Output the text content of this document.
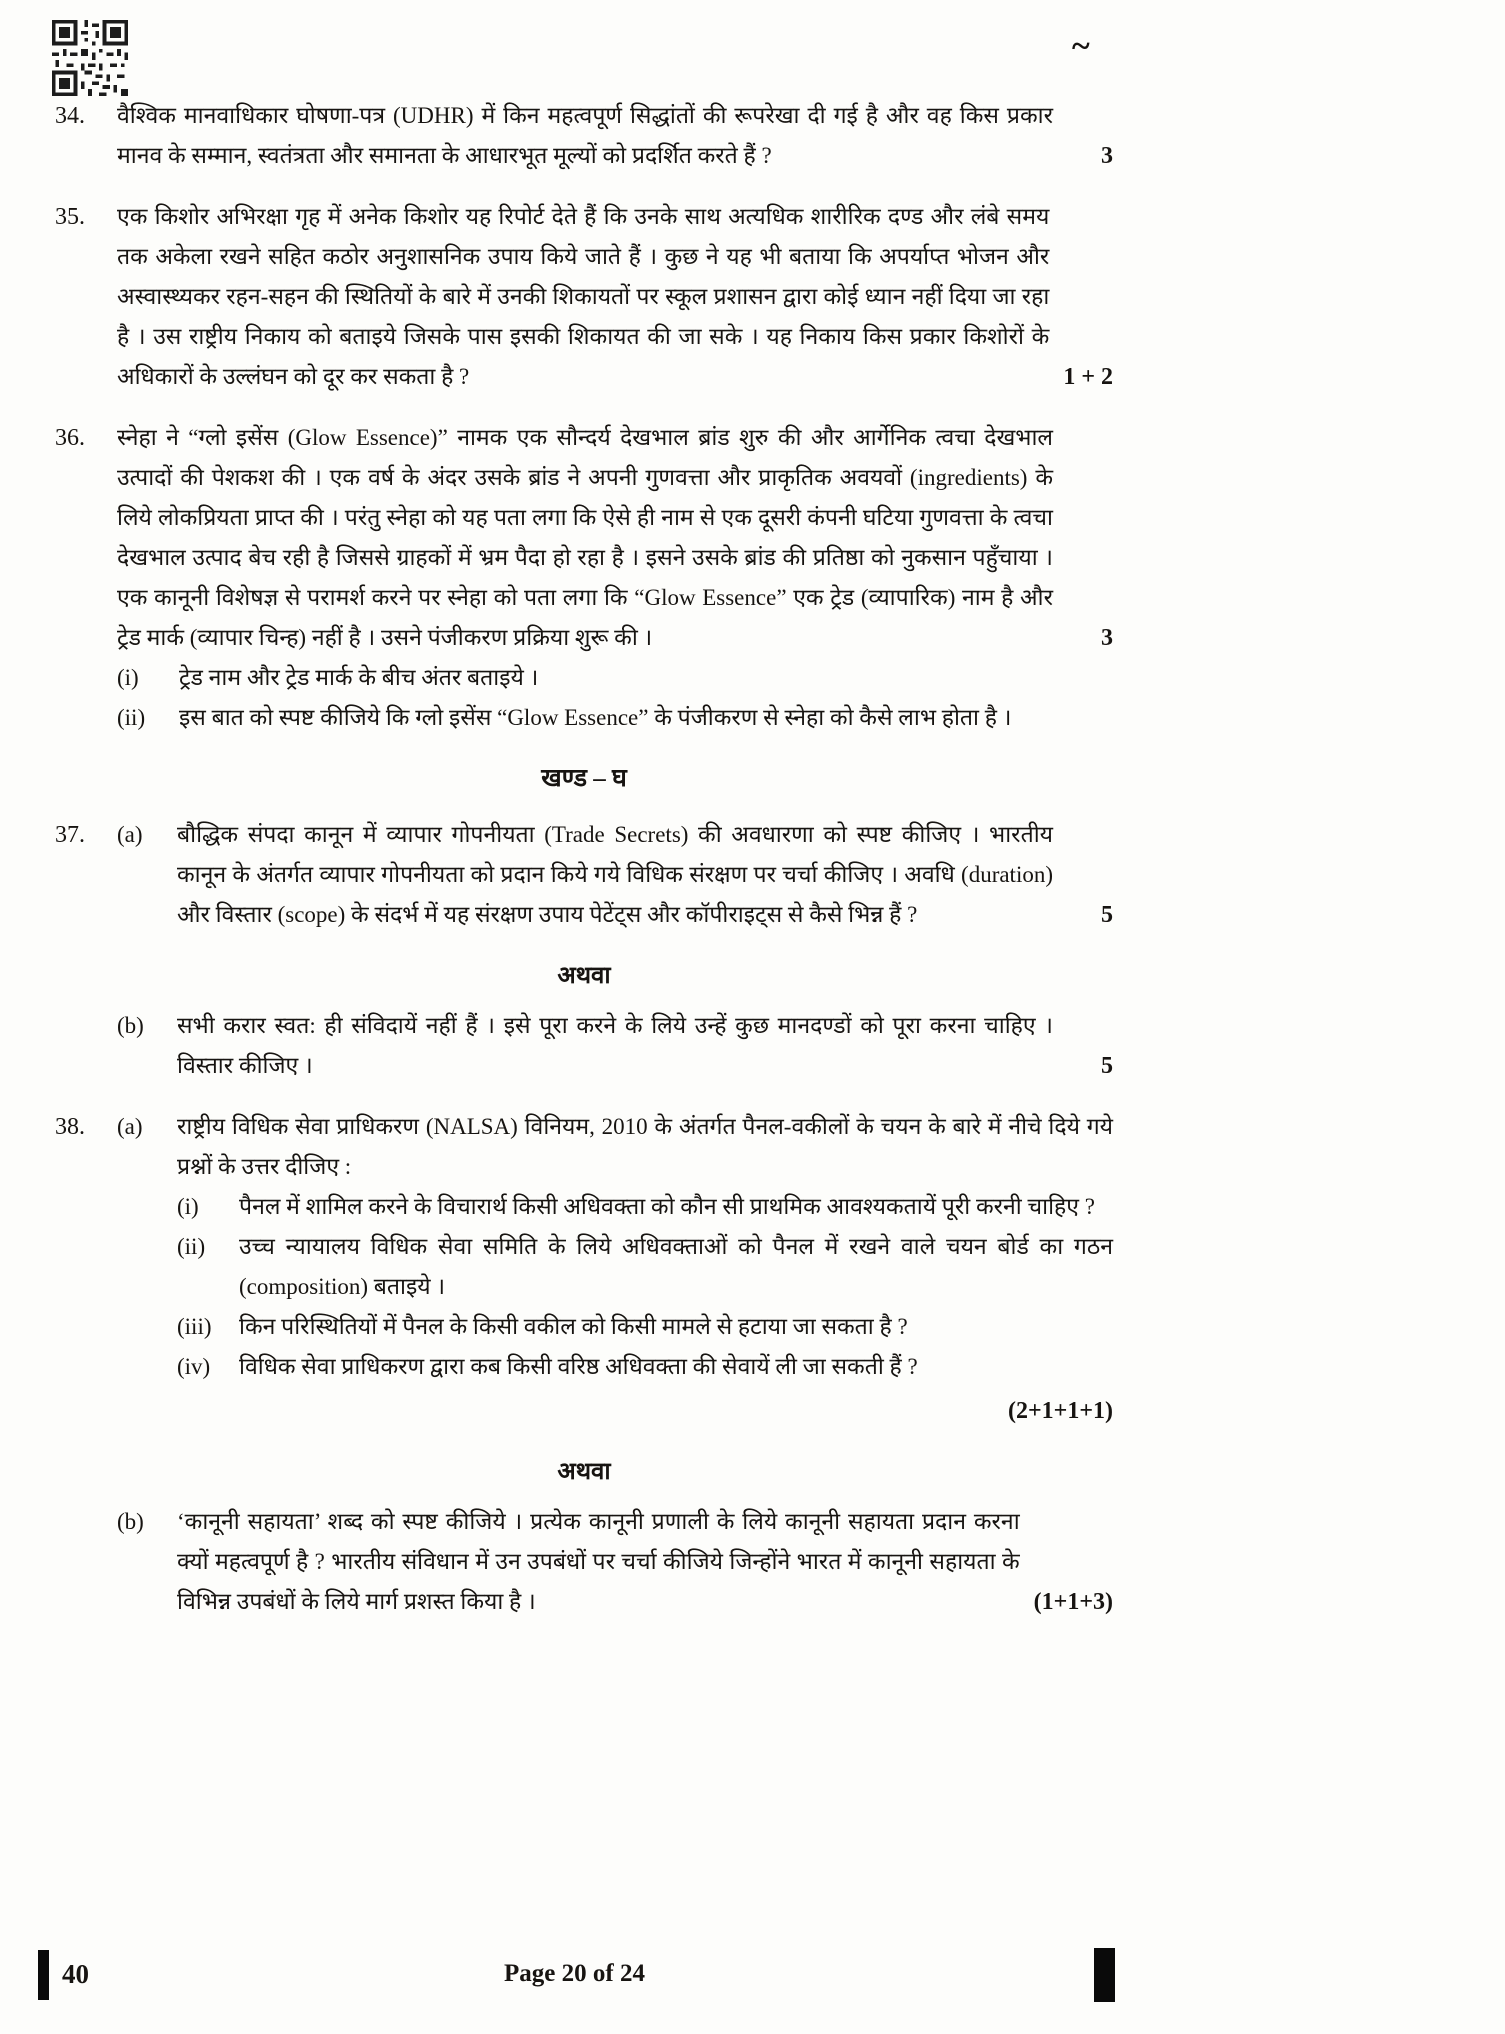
~
34.	वैश्विक मानवाधिकार घोषणा-पत्र (UDHR) में किन महत्वपूर्ण सिद्धांतों की रूपरेखा दी गई है और वह किस प्रकार मानव के सम्मान, स्वतंत्रता और समानता के आधारभूत मूल्यों को प्रदर्शित करते हैं ?	3
35.	एक किशोर अभिरक्षा गृह में अनेक किशोर यह रिपोर्ट देते हैं कि उनके साथ अत्यधिक शारीरिक दण्ड और लंबे समय तक अकेला रखने सहित कठोर अनुशासनिक उपाय किये जाते हैं । कुछ ने यह भी बताया कि अपर्याप्त भोजन और अस्वास्थ्यकर रहन-सहन की स्थितियों के बारे में उनकी शिकायतों पर स्कूल प्रशासन द्वारा कोई ध्यान नहीं दिया जा रहा है । उस राष्ट्रीय निकाय को बताइये जिसके पास इसकी शिकायत की जा सके । यह निकाय किस प्रकार किशोरों के अधिकारों के उल्लंघन को दूर कर सकता है ?	1 + 2
36.	स्नेहा ने “ग्लो इसेंस (Glow Essence)” नामक एक सौन्दर्य देखभाल ब्रांड शुरु की और आर्गेनिक त्वचा देखभाल उत्पादों की पेशकश की । एक वर्ष के अंदर उसके ब्रांड ने अपनी गुणवत्ता और प्राकृतिक अवयवों (ingredients) के लिये लोकप्रियता प्राप्त की । परंतु स्नेहा को यह पता लगा कि ऐसे ही नाम से एक दूसरी कंपनी घटिया गुणवत्ता के त्वचा देखभाल उत्पाद बेच रही है जिससे ग्राहकों में भ्रम पैदा हो रहा है । इसने उसके ब्रांड की प्रतिष्ठा को नुकसान पहुँचाया । एक कानूनी विशेषज्ञ से परामर्श करने पर स्नेहा को पता लगा कि “Glow Essence” एक ट्रेड (व्यापारिक) नाम है और ट्रेड मार्क (व्यापार चिन्ह) नहीं है । उसने पंजीकरण प्रक्रिया शुरू की ।	3
(i)	ट्रेड नाम और ट्रेड मार्क के बीच अंतर बताइये ।

(ii)	इस बात को स्पष्ट कीजिये कि ग्लो इसेंस “Glow Essence” के पंजीकरण से स्नेहा को कैसे लाभ होता है ।

खण्ड – घ
37.	(a)	बौद्धिक संपदा कानून में व्यापार गोपनीयता (Trade Secrets) की अवधारणा को स्पष्ट कीजिए । भारतीय कानून के अंतर्गत व्यापार गोपनीयता को प्रदान किये गये विधिक संरक्षण पर चर्चा कीजिए । अवधि (duration) और विस्तार (scope) के संदर्भ में यह संरक्षण उपाय पेटेंट्स और कॉपीराइट्स से कैसे भिन्न हैं ?	5
अथवा
(b)	सभी करार स्वत: ही संविदायें नहीं हैं । इसे पूरा करने के लिये उन्हें कुछ मानदण्डों को पूरा करना चाहिए । विस्तार कीजिए ।	5
38.	(a)	राष्ट्रीय विधिक सेवा प्राधिकरण (NALSA) विनियम, 2010 के अंतर्गत पैनल-वकीलों के चयन के बारे में नीचे दिये गये प्रश्नों के उत्तर दीजिए :

(i)	पैनल में शामिल करने के विचारार्थ किसी अधिवक्ता को कौन सी प्राथमिक आवश्यकतायें पूरी करनी चाहिए ?

(ii)	उच्च न्यायालय विधिक सेवा समिति के लिये अधिवक्ताओं को पैनल में रखने वाले चयन बोर्ड का गठन (composition) बताइये ।

(iii)	किन परिस्थितियों में पैनल के किसी वकील को किसी मामले से हटाया जा सकता है ?

(iv)	विधिक सेवा प्राधिकरण द्वारा कब किसी वरिष्ठ अधिवक्ता की सेवायें ली जा सकती हैं ?

(2+1+1+1)
अथवा
(b)	‘कानूनी सहायता’ शब्द को स्पष्ट कीजिये । प्रत्येक कानूनी प्रणाली के लिये कानूनी सहायता प्रदान करना क्यों महत्वपूर्ण है ? भारतीय संविधान में उन उपबंधों पर चर्चा कीजिये जिन्होंने भारत में कानूनी सहायता के विभिन्न उपबंधों के लिये मार्ग प्रशस्त किया है ।	(1+1+3)
40	Page 20 of 24
